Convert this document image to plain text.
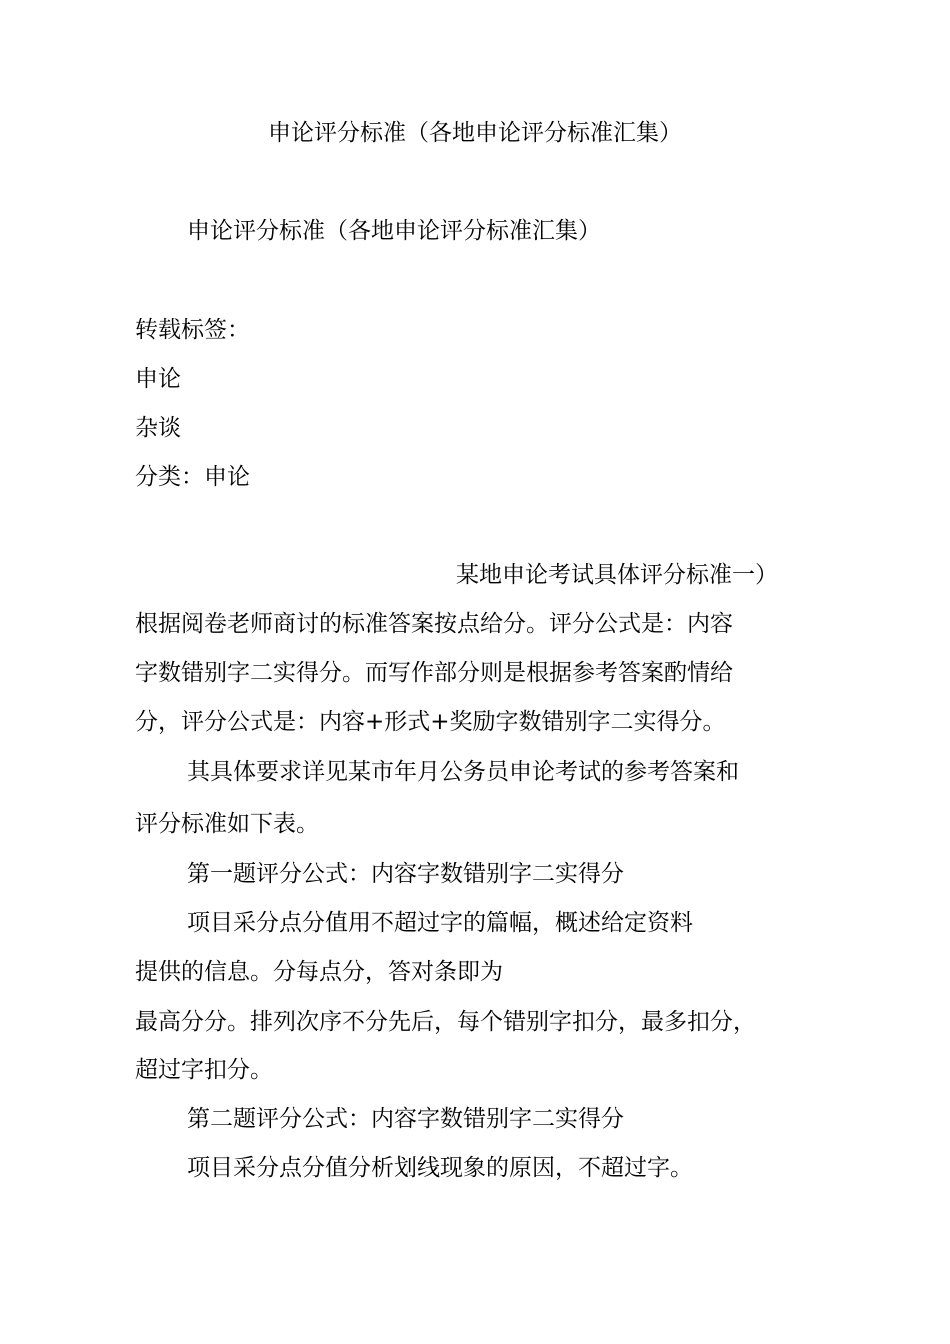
申论评分标准（各地申论评分标准汇集）
申论评分标准（各地申论评分标准汇集）
转载标签：
申论
杂谈
分类：申论
某地申论考试具体评分标准一）
根据阅卷老师商讨的标准答案按点给分。评分公式是：内容
字数错别字二实得分。而写作部分则是根据参考答案酌情给
分，评分公式是：内容+形式+奖励字数错别字二实得分。
其具体要求详见某市年月公务员申论考试的参考答案和
评分标准如下表。
第一题评分公式：内容字数错别字二实得分
项目采分点分值用不超过字的篇幅，概述给定资料
提供的信息。分每点分，答对条即为
最高分分。排列次序不分先后，每个错别字扣分，最多扣分，
超过字扣分。
第二题评分公式：内容字数错别字二实得分
项目采分点分值分析划线现象的原因，不超过字。
